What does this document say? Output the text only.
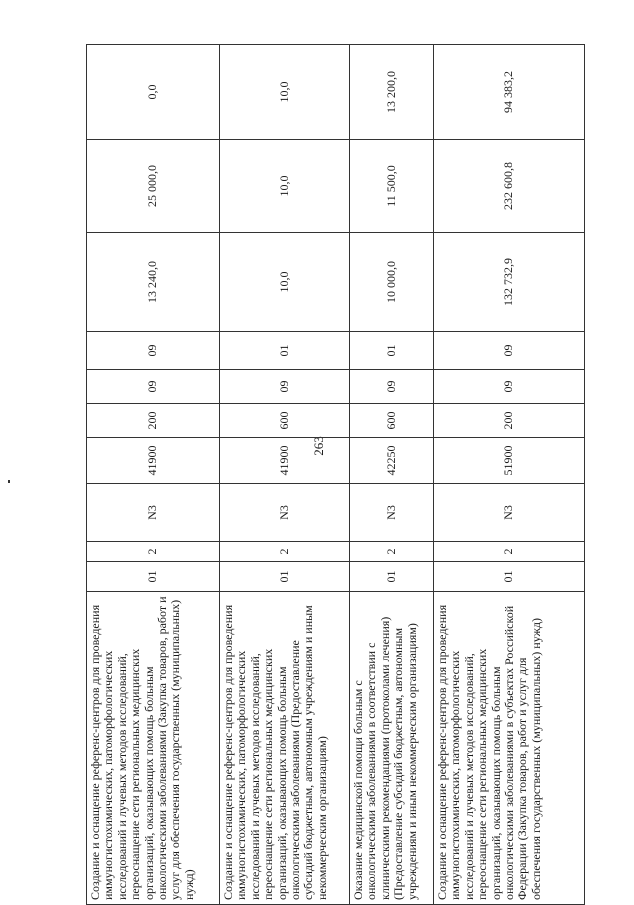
263
Создание и оснащение референс-центров для проведения иммуногистохимических, патоморфологических исследований и лучевых методов исследований, переоснащение сети региональных медицинских организаций, оказывающих помощь больным онкологическими заболеваниями (Закупка товаров, работ и услуг для обеспечения государственных (муниципальных) нужд)	01	2	N3	41900	200	09	09	13 240,0	25 000,0	0,0
Создание и оснащение референс-центров для проведения иммуногистохимических, патоморфологических исследований и лучевых методов исследований, переоснащение сети региональных медицинских организаций, оказывающих помощь больным онкологическими заболеваниями (Предоставление субсидий бюджетным, автономным учреждениям и иным некоммерческим организациям)	01	2	N3	41900	600	09	01	10,0	10,0	10,0
Оказание медицинской помощи больным с онкологическими заболеваниями в соответствии с клиническими рекомендациями (протоколами лечения) (Предоставление субсидий бюджетным, автономным учреждениям и иным некоммерческим организациям)	01	2	N3	42250	600	09	01	10 000,0	11 500,0	13 200,0
Создание и оснащение референс-центров для проведения иммуногистохимических, патоморфологических исследований и лучевых методов исследований, переоснащение сети региональных медицинских организаций, оказывающих помощь больным онкологическими заболеваниями в субъектах Российской Федерации (Закупка товаров, работ и услуг для обеспечения государственных (муниципальных) нужд)	01	2	N3	51900	200	09	09	132 732,9	232 600,8	94 383,2
